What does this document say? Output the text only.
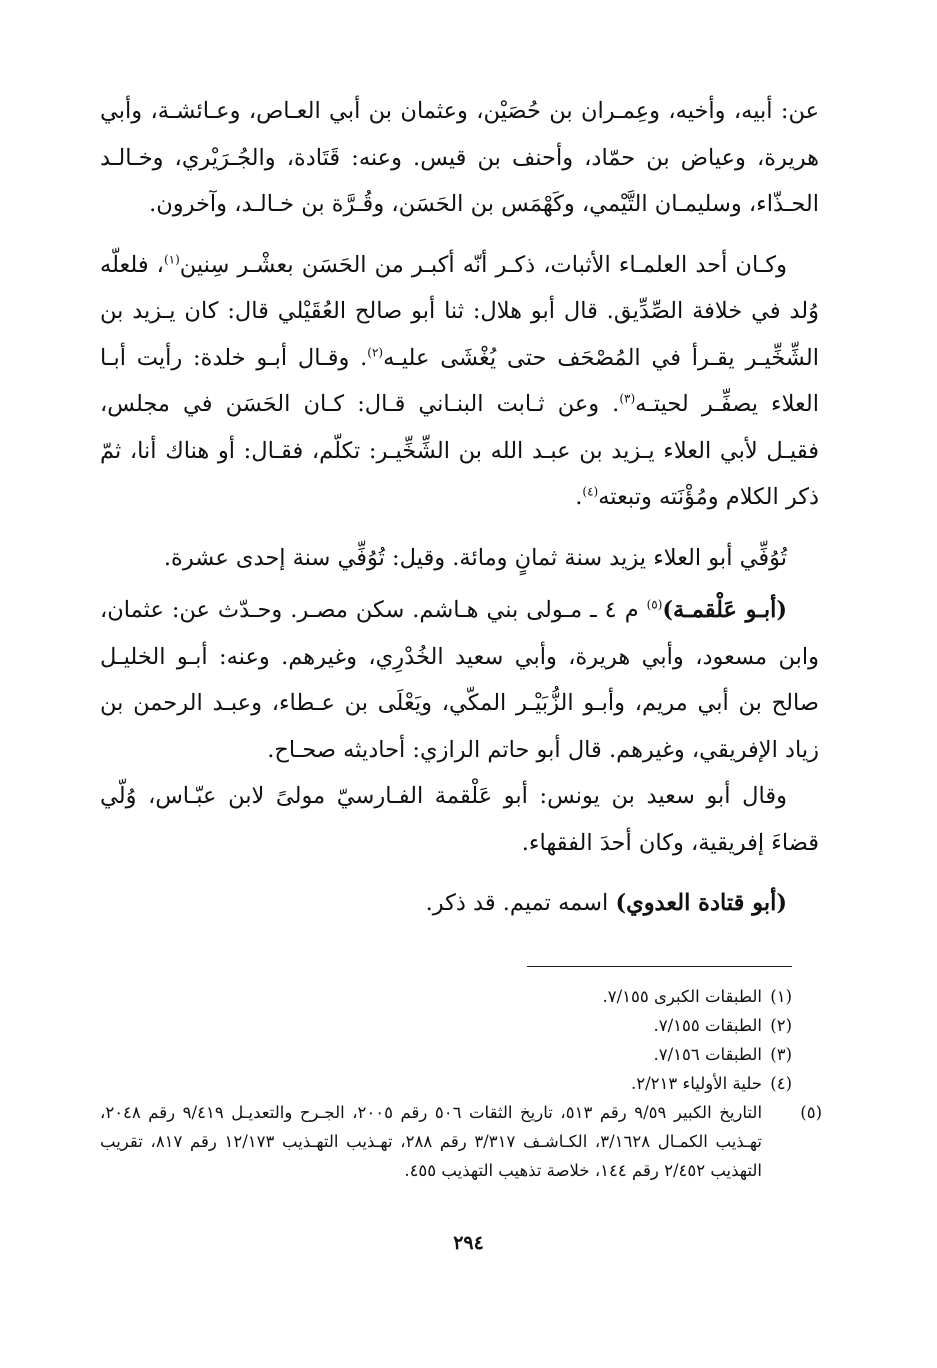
عن: أبيه، وأخيه، وعِمـران بن حُصَيْن، وعثمان بن أبي العـاص، وعـائشـة، وأبي هريرة، وعياض بن حمّاد، وأحنف بن قيس. وعنه: قَتَادة، والجُـرَيْري، وخـالـد الحـذّاء، وسليمـان التَّيْمي، وكَهْمَس بن الحَسَن، وقُـرَّة بن خـالـد، وآخرون.

وكـان أحد العلمـاء الأثبات، ذكـر أنّه أكبـر من الحَسَن بعشْـر سِنين$^{(١)}$، فلعلّه وُلد في خلافة الصِّدِّيق. قال أبو هلال: ثنا أبو صالح العُقَيْلي قال: كان يـزيد بن الشِّخِّيـر يقـرأ في المُصْحَف حتى يُغْشَى عليـه$^{(٢)}$. وقـال أبـو خلدة: رأيت أبـا العلاء يصفِّـر لحيتـه$^{(٣)}$. وعن ثـابت البنـاني قـال: كـان الحَسَن في مجلس، فقيـل لأبي العلاء يـزيد بن عبـد الله بن الشِّخِّيـر: تكلّم، فقـال: أو هناك أنا، ثمّ ذكر الكلام ومُؤْنَته وتبعته$^{(٤)}$.

تُوُفِّي أبو العلاء يزيد سنة ثمانٍ ومائة. وقيل: تُوُفِّي سنة إحدى عشرة.

(أبـو عَلْقمـة)$^{(٥)}$ م ٤ ـ مـولى بني هـاشم. سكن مصـر. وحـدّث عن: عثمان، وابن مسعود، وأبي هريرة، وأبي سعيد الخُدْرِي، وغيرهم. وعنه: أبـو الخليـل صالح بن أبي مريم، وأبـو الزُّبَيْـر المكّي، ويَعْلَى بن عـطاء، وعبـد الرحمن بن زياد الإفريقي، وغيرهم. قال أبو حاتم الرازي: أحاديثه صحـاح.

وقال أبو سعيد بن يونس: أبو عَلْقمة الفـارسيّ مولىً لابن عبّـاس، وُلّي قضاءَ إفريقية، وكان أحدَ الفقهاء.

(أبو قتادة العدوي) اسمه تميم. قد ذكر.

(١)الطبقات الكبرى ٧/١٥٥.

(٢)الطبقات ٧/١٥٥.

(٣)الطبقات ٧/١٥٦.

(٤)حلية الأولياء ٢/٢١٣.

(٥)التاريخ الكبير ٩/٥٩ رقم ٥١٣، تاريخ الثقات ٥٠٦ رقم ٢٠٠٥، الجـرح والتعديـل ٩/٤١٩ رقم ٢٠٤٨، تهـذيب الكمـال ٣/١٦٢٨، الكـاشـف ٣/٣١٧ رقم ٢٨٨، تهـذيب التهـذيب ١٢/١٧٣ رقم ٨١٧، تقريب التهذيب ٢/٤٥٢ رقم ١٤٤، خلاصة تذهيب التهذيب ٤٥٥.

٢٩٤
